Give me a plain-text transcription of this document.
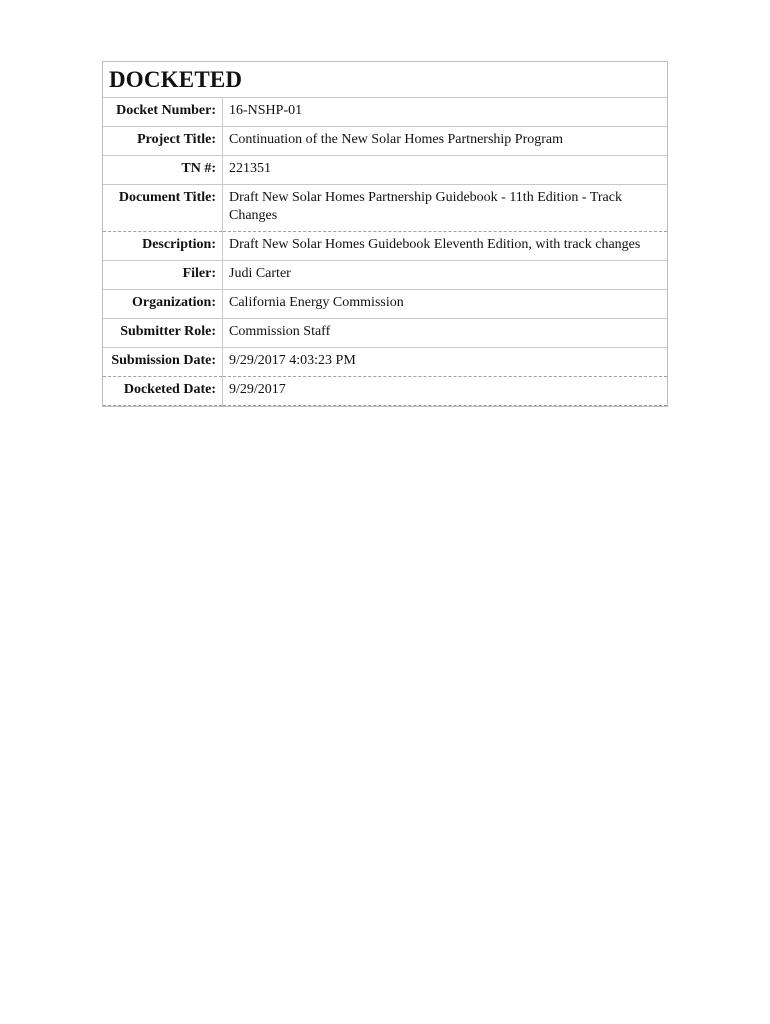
DOCKETED
Docket Number:	16-NSHP-01
Project Title:	Continuation of the New Solar Homes Partnership Program
TN #:	221351
Document Title:	Draft New Solar Homes Partnership Guidebook - 11th Edition - Track Changes
Description:	Draft New Solar Homes Guidebook Eleventh Edition, with track changes
Filer:	Judi Carter
Organization:	California Energy Commission
Submitter Role:	Commission Staff
Submission Date:	9/29/2017 4:03:23 PM
Docketed Date:	9/29/2017
